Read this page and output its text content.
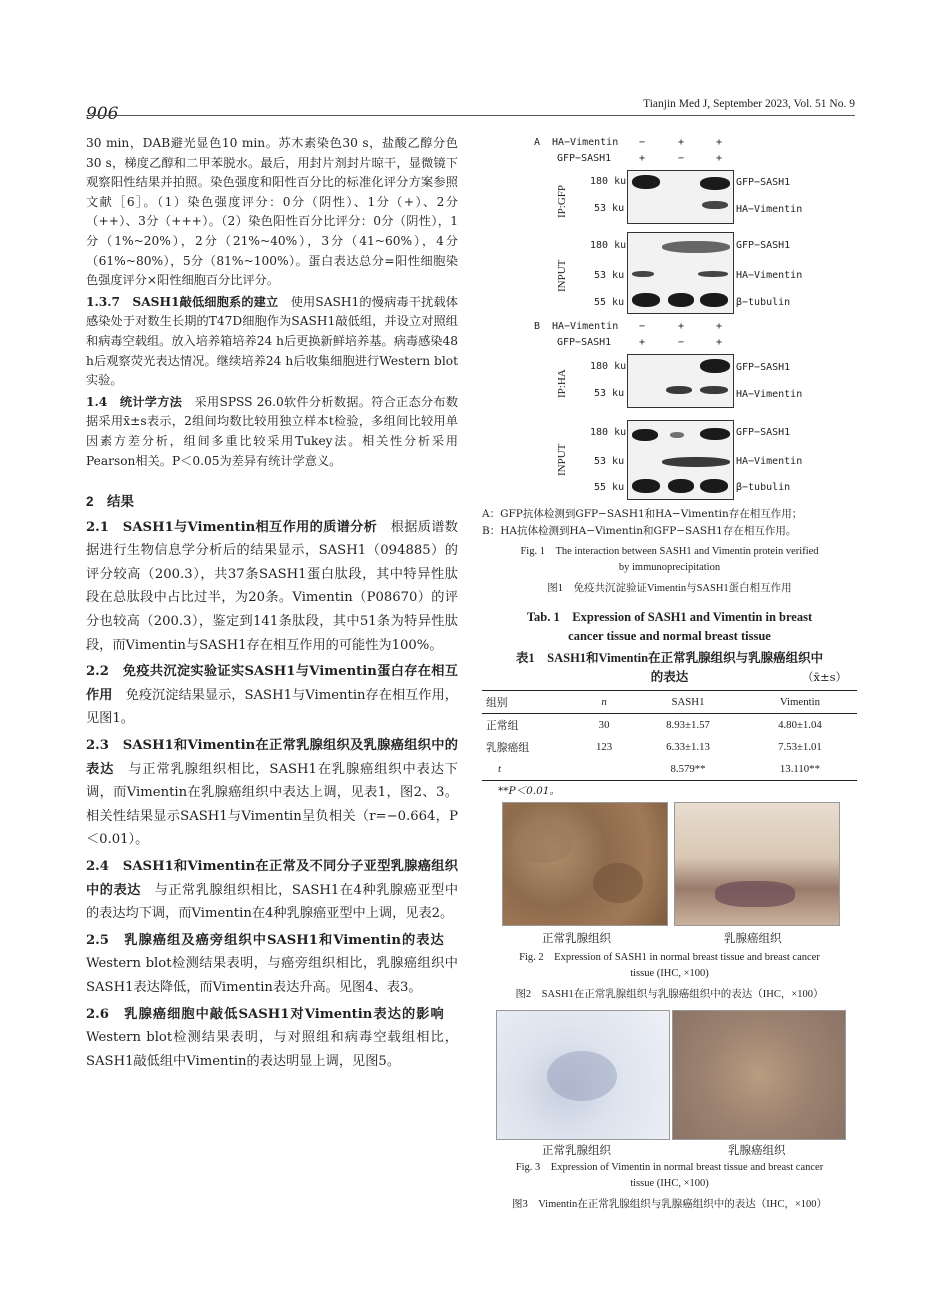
906	Tianjin Med J, September 2023, Vol. 51 No. 9

30 min，DAB避光显色10 min。苏木素染色30 s，盐酸乙醇分色30 s，梯度乙醇和二甲苯脱水。最后，用封片剂封片晾干，显微镜下观察阳性结果并拍照。染色强度和阳性百分比的标准化评分方案参照文献［6］。（1）染色强度评分：0分（阴性）、1分（+）、2分（++）、3分（+++）。（2）染色阳性百分比评分：0分（阴性），1分（1%~20%），2分（21%~40%），3分（41~60%），4分（61%~80%），5分（81%~100%）。蛋白表达总分=阳性细胞染色强度评分×阳性细胞百分比评分。

1.3.7　SASH1敲低细胞系的建立　使用SASH1的慢病毒干扰载体感染处于对数生长期的T47D细胞作为SASH1敲低组，并设立对照组和病毒空载组。放入培养箱培养24 h后更换新鲜培养基。病毒感染48 h后观察荧光表达情况。继续培养24 h后收集细胞进行Western blot实验。

1.4　统计学方法　采用SPSS 26.0软件分析数据。符合正态分布数据采用x̄±s表示，2组间均数比较用独立样本t检验，多组间比较用单因素方差分析，组间多重比较采用Tukey法。相关性分析采用Pearson相关。P＜0.05为差异有统计学意义。

2　结果

2.1　SASH1与Vimentin相互作用的质谱分析　根据质谱数据进行生物信息学分析后的结果显示，SASH1（094885）的评分较高（200.3），共37条SASH1蛋白肽段，其中特异性肽段在总肽段中占比过半，为20条。Vimentin（P08670）的评分也较高（200.3），鉴定到141条肽段，其中51条为特异性肽段，而Vimentin与SASH1存在相互作用的可能性为100%。

2.2　免疫共沉淀实验证实SASH1与Vimentin蛋白存在相互作用　免疫沉淀结果显示，SASH1与Vimentin存在相互作用，见图1。

2.3　SASH1和Vimentin在正常乳腺组织及乳腺癌组织中的表达　与正常乳腺组织相比，SASH1在乳腺癌组织中表达下调，而Vimentin在乳腺癌组织中表达上调，见表1，图2、3。相关性结果显示SASH1与Vimentin呈负相关（r=−0.664，P＜0.01）。

2.4　SASH1和Vimentin在正常及不同分子亚型乳腺癌组织中的表达　与正常乳腺组织相比，SASH1在4种乳腺癌亚型中的表达均下调，而Vimentin在4种乳腺癌亚型中上调，见表2。

2.5　乳腺癌组及癌旁组织中SASH1和Vimentin的表达　Western blot检测结果表明，与癌旁组织相比，乳腺癌组织中SASH1表达降低，而Vimentin表达升高。见图4、表3。

2.6　乳腺癌细胞中敲低SASH1对Vimentin表达的影响　Western blot检测结果表明，与对照组和病毒空载组相比，SASH1敲低组中Vimentin的表达明显上调，见图5。

A HA−Vimentin −	+	+
GFP−SASH1	+	−	+
IP:GFP
180 ku
53 ku
GFP−SASH1
HA−Vimentin
INPUT
180 ku
53 ku
55 ku
GFP−SASH1
HA−Vimentin
β−tubulin
B HA−Vimentin −	+	+
GFP−SASH1	+	−	+
IP:HA
180 ku
53 ku
GFP−SASH1
HA−Vimentin
INPUT
180 ku
53 ku
55 ku
GFP−SASH1
HA−Vimentin
β−tubulin
A：GFP抗体检测到GFP−SASH1和HA−Vimentin存在相互作用；
B：HA抗体检测到HA−Vimentin和GFP−SASH1存在相互作用。
Fig. 1　The interaction between SASH1 and Vimentin protein verified
by immunoprecipitation
图1　免疫共沉淀验证Vimentin与SASH1蛋白相互作用
Tab. 1　Expression of SASH1 and Vimentin in breast
cancer tissue and normal breast tissue
表1　SASH1和Vimentin在正常乳腺组织与乳腺癌组织中
的表达	（x̄±s）
组别	n	SASH1	Vimentin
正常组	30	8.93±1.57	4.80±1.04
乳腺癌组	123	6.33±1.13	7.53±1.01
t		8.579**	13.110**
**P＜0.01。
正常乳腺组织	乳腺癌组织
Fig. 2　Expression of SASH1 in normal breast tissue and breast cancer
tissue (IHC, ×100)
图2　SASH1在正常乳腺组织与乳腺癌组织中的表达（IHC，×100）
正常乳腺组织	乳腺癌组织
Fig. 3　Expression of Vimentin in normal breast tissue and breast cancer
tissue (IHC, ×100)
图3　Vimentin在正常乳腺组织与乳腺癌组织中的表达（IHC，×100）
